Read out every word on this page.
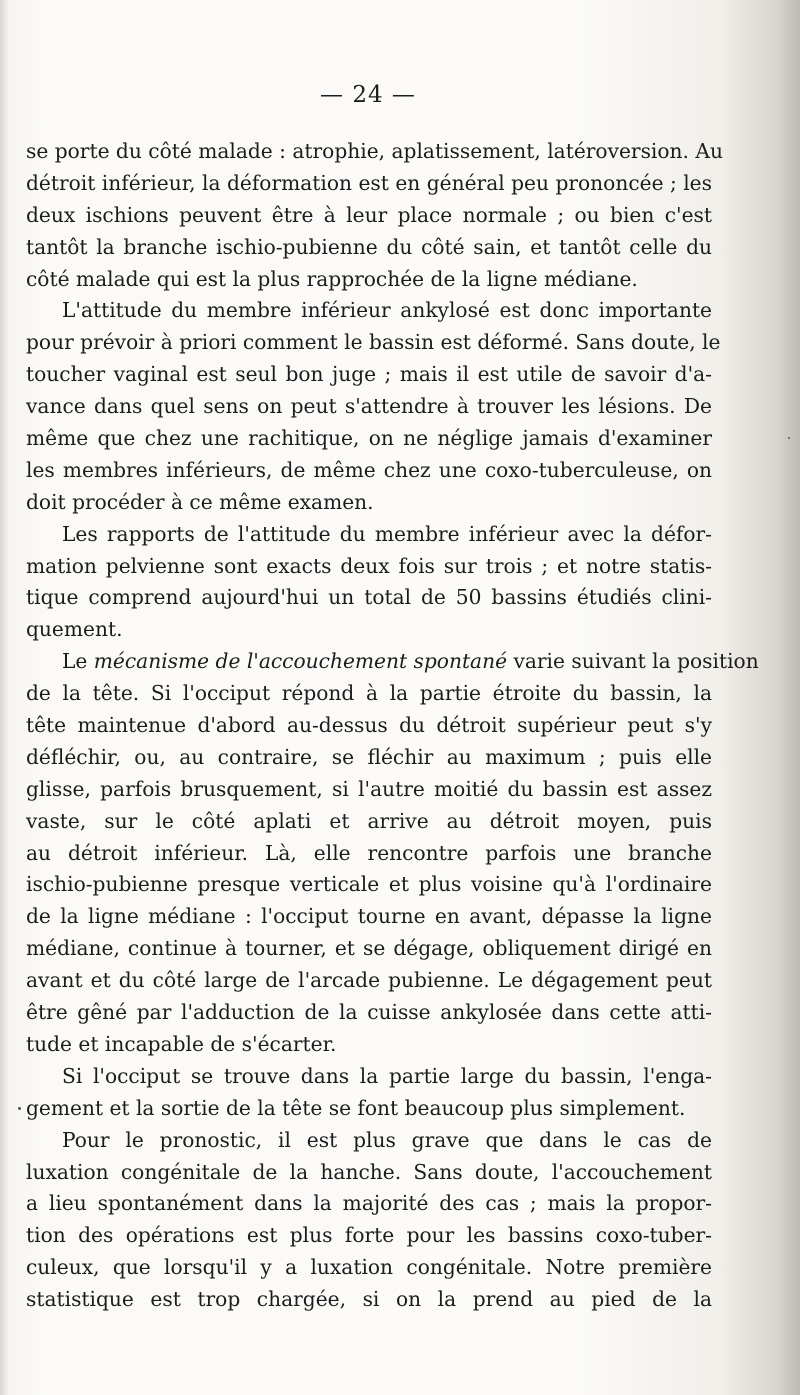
— 24 —
se porte du côté malade : atrophie, aplatissement, latéroversion. Au
détroit inférieur, la déformation est en général peu prononcée ; les
deux ischions peuvent être à leur place normale ; ou bien c'est
tantôt la branche ischio-pubienne du côté sain, et tantôt celle du
côté malade qui est la plus rapprochée de la ligne médiane.
L'attitude du membre inférieur ankylosé est donc importante
pour prévoir à priori comment le bassin est déformé. Sans doute, le
toucher vaginal est seul bon juge ; mais il est utile de savoir d'a-
vance dans quel sens on peut s'attendre à trouver les lésions. De
même que chez une rachitique, on ne néglige jamais d'examiner
les membres inférieurs, de même chez une coxo-tuberculeuse, on
doit procéder à ce même examen.
Les rapports de l'attitude du membre inférieur avec la défor-
mation pelvienne sont exacts deux fois sur trois ; et notre statis-
tique comprend aujourd'hui un total de 50 bassins étudiés clini-
quement.
Le mécanisme de l'accouchement spontané varie suivant la position
de la tête. Si l'occiput répond à la partie étroite du bassin, la
tête maintenue d'abord au-dessus du détroit supérieur peut s'y
défléchir, ou, au contraire, se fléchir au maximum ; puis elle
glisse, parfois brusquement, si l'autre moitié du bassin est assez
vaste, sur le côté aplati et arrive au détroit moyen, puis
au détroit inférieur. Là, elle rencontre parfois une branche
ischio-pubienne presque verticale et plus voisine qu'à l'ordinaire
de la ligne médiane : l'occiput tourne en avant, dépasse la ligne
médiane, continue à tourner, et se dégage, obliquement dirigé en
avant et du côté large de l'arcade pubienne. Le dégagement peut
être gêné par l'adduction de la cuisse ankylosée dans cette atti-
tude et incapable de s'écarter.
Si l'occiput se trouve dans la partie large du bassin, l'enga-
gement et la sortie de la tête se font beaucoup plus simplement.
Pour le pronostic, il est plus grave que dans le cas de
luxation congénitale de la hanche. Sans doute, l'accouchement
a lieu spontanément dans la majorité des cas ; mais la propor-
tion des opérations est plus forte pour les bassins coxo-tuber-
culeux, que lorsqu'il y a luxation congénitale. Notre première
statistique est trop chargée, si on la prend au pied de la
